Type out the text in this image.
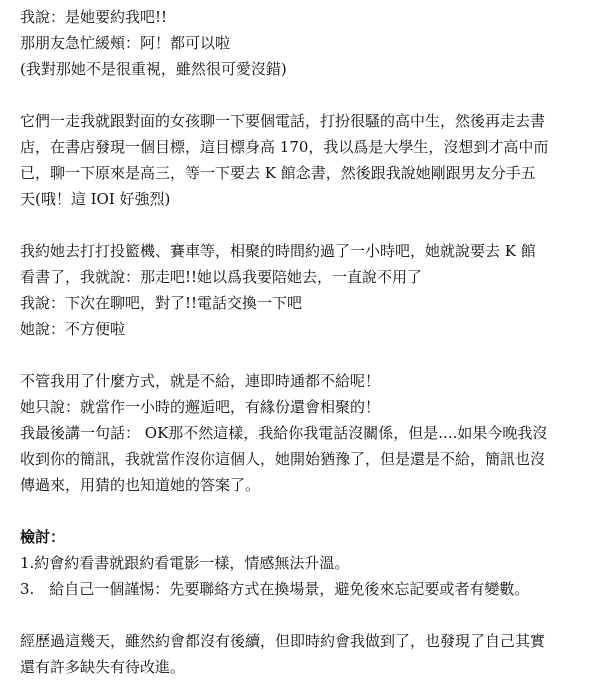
我說：是她要約我吧!!

那朋友急忙緩頰：阿！都可以啦

(我對那她不是很重視，雖然很可愛沒錯)

它們一走我就跟對面的女孩聊一下要個電話，打扮很騷的高中生，然後再走去書

店，在書店發現一個目標，這目標身高 170，我以爲是大學生，沒想到才高中而

已，聊一下原來是高三，等一下要去 K 館念書，然後跟我說她剛跟男友分手五

天(哦！這 IOI 好強烈)

我約她去打打投籃機、賽車等，相聚的時間約過了一小時吧，她就說要去 K 館

看書了，我就說：那走吧!!她以爲我要陪她去，一直說不用了

我說：下次在聊吧，對了!!電話交換一下吧

她說：不方便啦

不管我用了什麼方式，就是不給，連即時通都不給呢！

她只說：就當作一小時的邂逅吧，有緣份還會相聚的！

我最後講一句話： OK那不然這樣，我給你我電話沒關係，但是....如果今晚我沒

收到你的簡訊，我就當作沒你這個人，她開始猶豫了，但是還是不給，簡訊也沒

傳過來，用猜的也知道她的答案了。

檢討：

1.約會約看書就跟約看電影一樣，情感無法升溫。

3.　給自己一個謹惕：先要聯絡方式在換場景，避免後來忘記要或者有變數。

經歷過這幾天，雖然約會都沒有後續，但即時約會我做到了，也發現了自己其實

還有許多缺失有待改進。
